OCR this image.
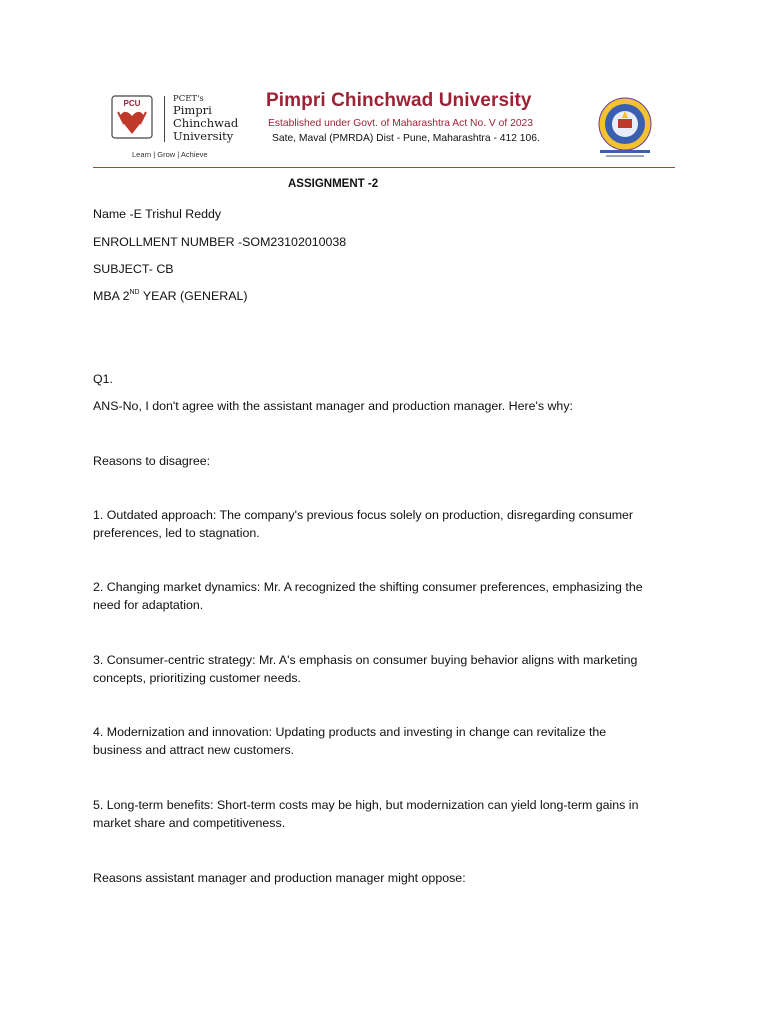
PCU	PCET's
Pimpri
Chinchwad
University
Learn | Grow | Achieve
Pimpri Chinchwad University
Established under Govt. of Maharashtra Act No. V of 2023
Sate, Maval (PMRDA) Dist - Pune, Maharashtra - 412 106.
ASSIGNMENT -2
Name -E Trishul Reddy
ENROLLMENT NUMBER -SOM23102010038
SUBJECT- CB
MBA 2ND YEAR (GENERAL)
Q1.
ANS-No, I don't agree with the assistant manager and production manager. Here's why:
Reasons to disagree:
1. Outdated approach: The company's previous focus solely on production, disregarding consumer
preferences, led to stagnation.
2. Changing market dynamics: Mr. A recognized the shifting consumer preferences, emphasizing the
need for adaptation.
3. Consumer-centric strategy: Mr. A's emphasis on consumer buying behavior aligns with marketing
concepts, prioritizing customer needs.
4. Modernization and innovation: Updating products and investing in change can revitalize the
business and attract new customers.
5. Long-term benefits: Short-term costs may be high, but modernization can yield long-term gains in
market share and competitiveness.
Reasons assistant manager and production manager might oppose:
